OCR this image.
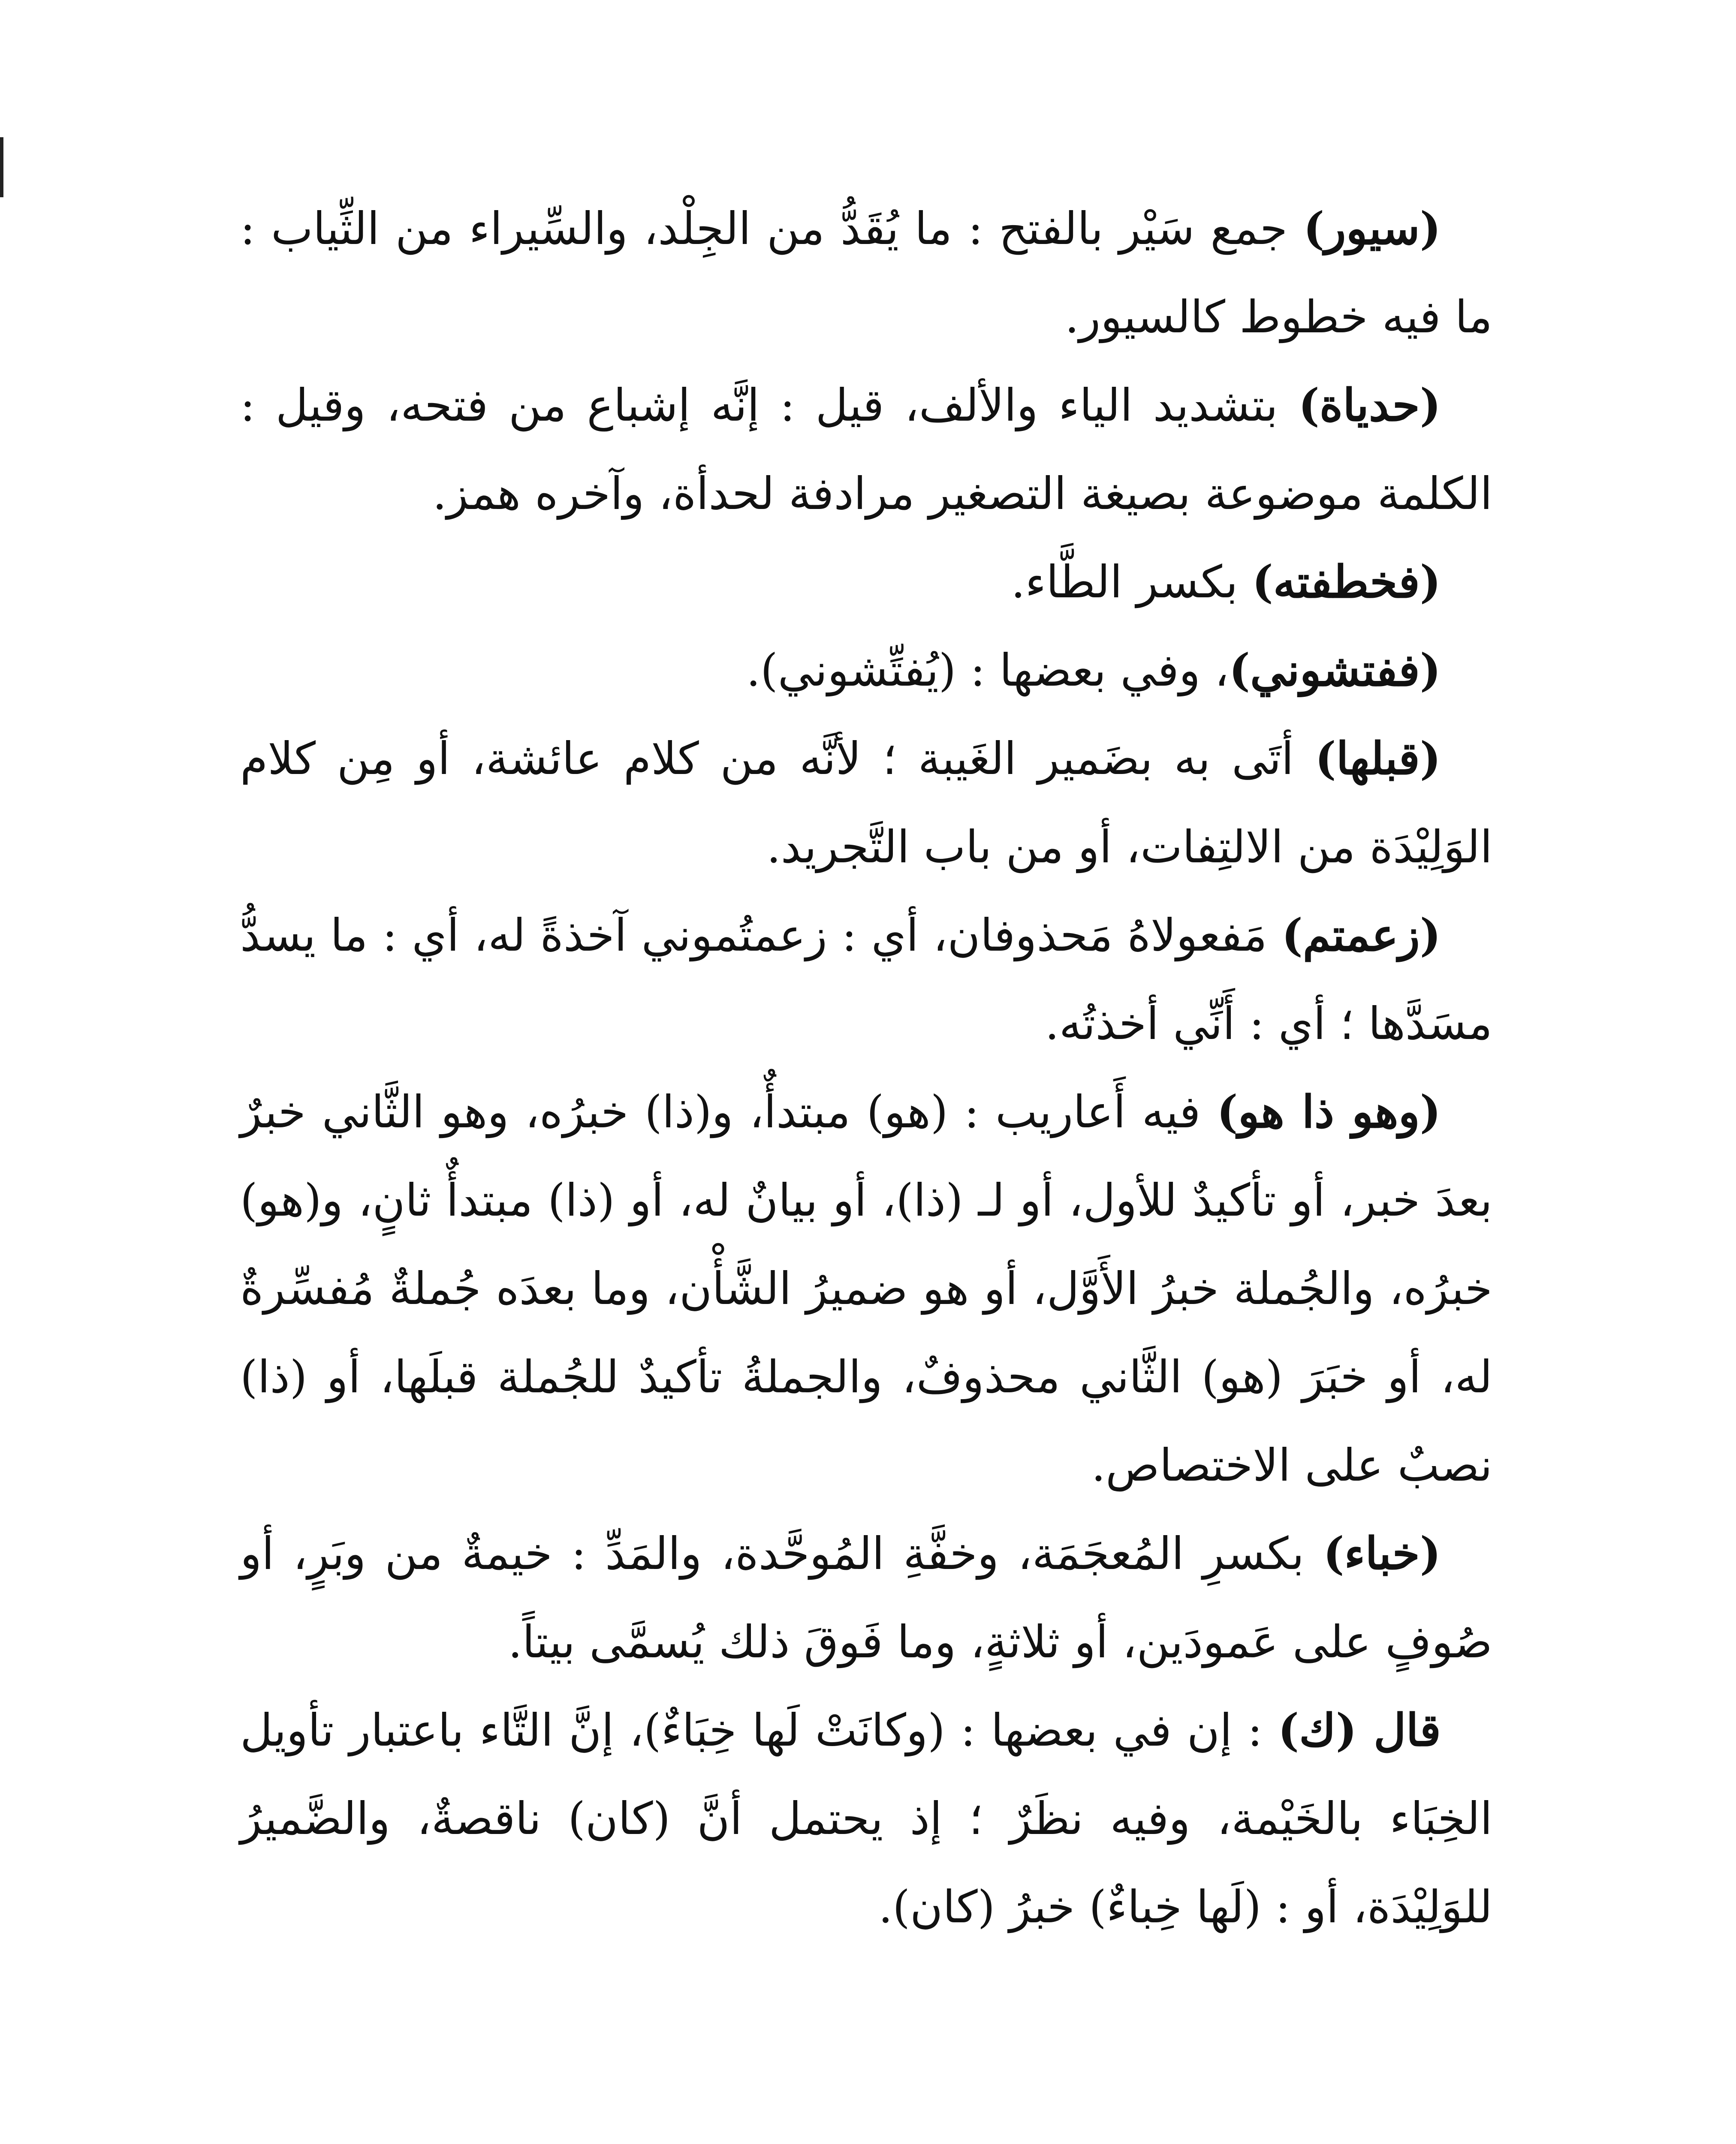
(سيور) جمع سَيْر بالفتح : ما يُقَدُّ من الجِلْد، والسِّيراء من الثِّياب : ما فيه خطوط كالسيور.

(حدياة) بتشديد الياء والألف، قيل : إنَّه إشباع من فتحه، وقيل : الكلمة موضوعة بصيغة التصغير مرادفة لحدأة، وآخره همز.

(فخطفته) بكسر الطَّاء.

(ففتشوني)، وفي بعضها : (يُفتِّشوني).

(قبلها) أتَى به بضَمير الغَيبة ؛ لأنَّه من كلام عائشة، أو مِن كلام الوَلِيْدَة من الالتِفات، أو من باب التَّجريد.

(زعمتم) مَفعولاهُ مَحذوفان، أي : زعمتُموني آخذةً له، أي : ما يسدُّ مسَدَّها ؛ أي : أَنِّي أخذتُه.

(وهو ذا هو) فيه أَعاريب : (هو) مبتدأٌ، و(ذا) خبرُه، وهو الثَّاني خبرٌ بعدَ خبر، أو تأكيدٌ للأول، أو لـ (ذا)، أو بيانٌ له، أو (ذا) مبتدأٌ ثانٍ، و(هو) خبرُه، والجُملة خبرُ الأَوَّل، أو هو ضميرُ الشَّأْن، وما بعدَه جُملةٌ مُفسِّرةٌ له، أو خبَرَ (هو) الثَّاني محذوفٌ، والجملةُ تأكيدٌ للجُملة قبلَها، أو (ذا) نصبٌ على الاختصاص.

(خباء) بكسرِ المُعجَمَة، وخفَّةِ المُوحَّدة، والمَدِّ : خيمةٌ من وبَرٍ، أو صُوفٍ على عَمودَين، أو ثلاثةٍ، وما فَوقَ ذلك يُسمَّى بيتاً.

قال (ك) : إن في بعضها : (وكانَتْ لَها خِبَاءٌ)، إنَّ التَّاء باعتبار تأويل الخِبَاء بالخَيْمة، وفيه نظَرٌ ؛ إذ يحتمل أنَّ (كان) ناقصةٌ، والضَّميرُ للوَلِيْدَة، أو : (لَها خِباءٌ) خبرُ (كان).
